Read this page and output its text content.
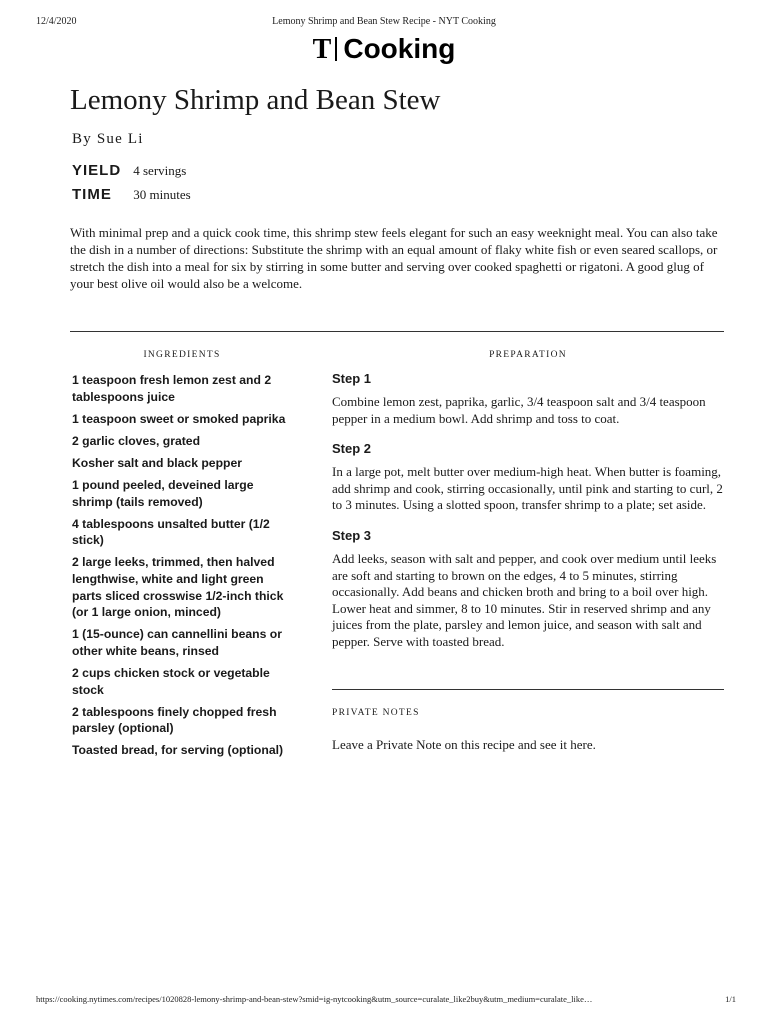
12/4/2020	Lemony Shrimp and Bean Stew Recipe - NYT Cooking
T Cooking
Lemony Shrimp and Bean Stew
By Sue Li
YIELD 4 servings
TIME 30 minutes

With minimal prep and a quick cook time, this shrimp stew feels elegant for such an easy weeknight meal. You can also take the dish in a number of directions: Substitute the shrimp with an equal amount of flaky white fish or even seared scallops, or stretch the dish into a meal for six by stirring in some butter and serving over cooked spaghetti or rigatoni. A good glug of your best olive oil would also be a welcome.

INGREDIENTS	PREPARATION
1 teaspoon fresh lemon zest and 2 tablespoons juice
1 teaspoon sweet or smoked paprika
2 garlic cloves, grated
Kosher salt and black pepper
1 pound peeled, deveined large shrimp (tails removed)
4 tablespoons unsalted butter (1/2 stick)
2 large leeks, trimmed, then halved lengthwise, white and light green parts sliced crosswise 1/2-inch thick (or 1 large onion, minced)
1 (15-ounce) can cannellini beans or other white beans, rinsed
2 cups chicken stock or vegetable stock
2 tablespoons finely chopped fresh parsley (optional)
Toasted bread, for serving (optional)
Step 1

Combine lemon zest, paprika, garlic, 3/4 teaspoon salt and 3/4 teaspoon pepper in a medium bowl. Add shrimp and toss to coat.

Step 2

In a large pot, melt butter over medium-high heat. When butter is foaming, add shrimp and cook, stirring occasionally, until pink and starting to curl, 2 to 3 minutes. Using a slotted spoon, transfer shrimp to a plate; set aside.

Step 3

Add leeks, season with salt and pepper, and cook over medium until leeks are soft and starting to brown on the edges, 4 to 5 minutes, stirring occasionally. Add beans and chicken broth and bring to a boil over high. Lower heat and simmer, 8 to 10 minutes. Stir in reserved shrimp and any juices from the plate, parsley and lemon juice, and season with salt and pepper. Serve with toasted bread.

PRIVATE NOTES
Leave a Private Note on this recipe and see it here.
https://cooking.nytimes.com/recipes/1020828-lemony-shrimp-and-bean-stew?smid=ig-nytcooking&utm_source=curalate_like2buy&utm_medium=curalate_like…	1/1
